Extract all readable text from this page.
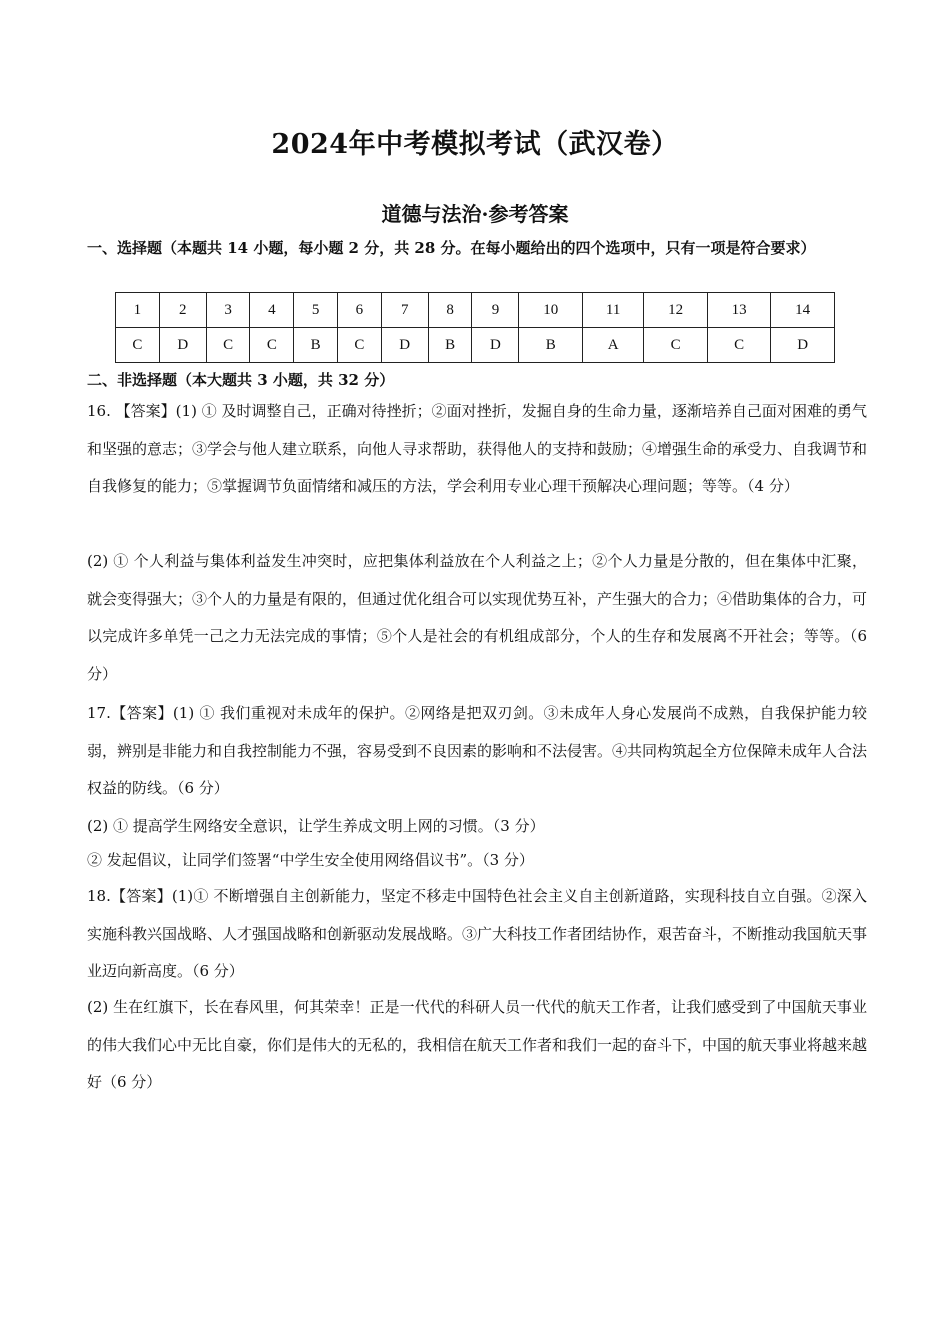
2024年中考模拟考试（武汉卷）
道德与法治·参考答案
一、选择题（本题共 14 小题，每小题 2 分，共 28 分。在每小题给出的四个选项中，只有一项是符合要求）
1	2	3	4	5	6	7	8	9	10	11	12	13	14
C	D	C	C	B	C	D	B	D	B	A	C	C	D
二、非选择题（本大题共 3 小题，共 32 分）
16. 【答案】(1) ① 及时调整自己，正确对待挫折；②面对挫折，发掘自身的生命力量，逐渐培养自己面对困难的勇气和坚强的意志；③学会与他人建立联系，向他人寻求帮助，获得他人的支持和鼓励；④增强生命的承受力、自我调节和自我修复的能力；⑤掌握调节负面情绪和减压的方法，学会利用专业心理干预解决心理问题；等等。（4 分）
(2) ① 个人利益与集体利益发生冲突时，应把集体利益放在个人利益之上；②个人力量是分散的，但在集体中汇聚，就会变得强大；③个人的力量是有限的，但通过优化组合可以实现优势互补，产生强大的合力；④借助集体的合力，可以完成许多单凭一己之力无法完成的事情；⑤个人是社会的有机组成部分，个人的生存和发展离不开社会；等等。（6 分）
17.【答案】(1) ① 我们重视对未成年的保护。②网络是把双刃剑。③未成年人身心发展尚不成熟，自我保护能力较弱，辨别是非能力和自我控制能力不强，容易受到不良因素的影响和不法侵害。④共同构筑起全方位保障未成年人合法权益的防线。（6 分）
(2) ① 提高学生网络安全意识，让学生养成文明上网的习惯。（3 分）
② 发起倡议，让同学们签署“中学生安全使用网络倡议书”。（3 分）
18.【答案】(1)① 不断增强自主创新能力，坚定不移走中国特色社会主义自主创新道路，实现科技自立自强。②深入实施科教兴国战略、人才强国战略和创新驱动发展战略。③广大科技工作者团结协作，艰苦奋斗，不断推动我国航天事业迈向新高度。（6 分）
(2) 生在红旗下，长在春风里，何其荣幸！正是一代代的科研人员一代代的航天工作者，让我们感受到了中国航天事业的伟大我们心中无比自豪，你们是伟大的无私的，我相信在航天工作者和我们一起的奋斗下，中国的航天事业将越来越好（6 分）
